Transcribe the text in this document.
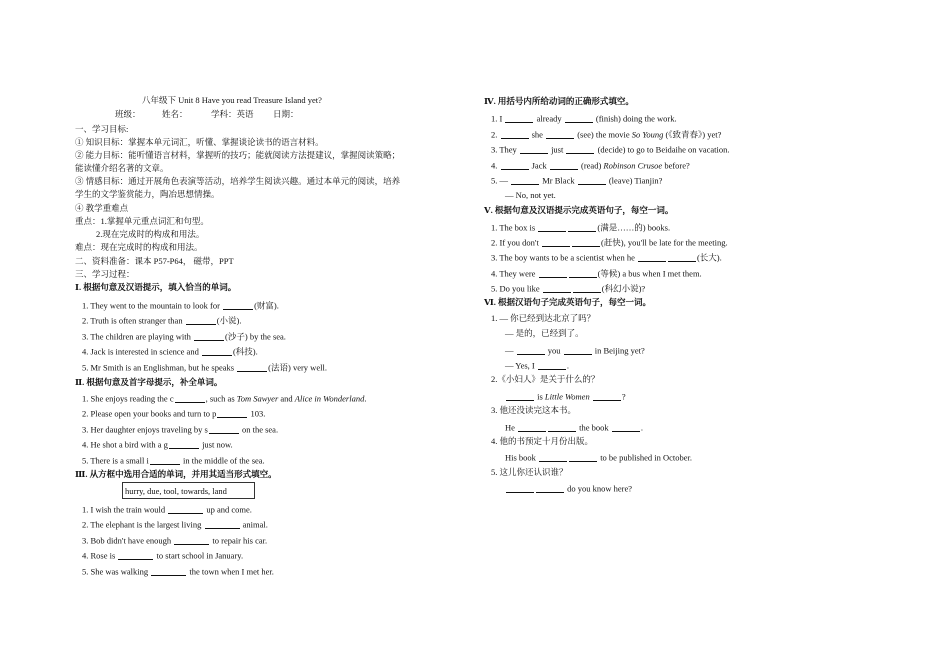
八年级下 Unit 8 Have you read Treasure Island yet?
班级：	姓名：	学科：英语 日期：
一、学习目标:
① 知识目标：掌握本单元词汇，听懂、掌握谈论读书的语言材料。
② 能力目标：能听懂语言材料，掌握听的技巧；能就阅读方法提建议，掌握阅读策略；
能读懂介绍名著的文章。
③ 情感目标：通过开展角色表演等活动，培养学生阅读兴趣。通过本单元的阅读，培养
学生的文学鉴赏能力，陶冶思想情操。
④ 教学重难点
重点：1.掌握单元重点词汇和句型。
2.现在完成时的构成和用法。
难点：现在完成时的构成和用法。
二、资料准备：课本 P57-P64， 磁带，PPT
三、学习过程：
Ⅰ. 根据句意及汉语提示，填入恰当的单词。
1. They went to the mountain to look for	(财富).
2. Truth is often stranger than	(小说).
3. The children are playing with	(沙子) by the sea.
4. Jack is interested in science and	(科技).
5. Mr Smith is an Englishman, but he speaks	(法语) very well.
Ⅱ. 根据句意及首字母提示，补全单词。
1. She enjoys reading the c	, such as Tom Sawyer and Alice in Wonderland.
2. Please open your books and turn to p	103.
3. Her daughter enjoys traveling by s	on the sea.
4. He shot a bird with a g	just now.
5. There is a small i	in the middle of the sea.
Ⅲ. 从方框中选用合适的单词，并用其适当形式填空。
hurry, due, tool, towards, land
1. I wish the train would	up and come.
2. The elephant is the largest living	animal.
3. Bob didn't have enough	to repair his car.
4. Rose is	to start school in January.
5. She was walking	the town when I met her.
Ⅳ. 用括号内所给动词的正确形式填空。
1. I	already	(finish) doing the work.
2.	she	(see) the movie So Young (《致青春》) yet?
3. They	just	(decide) to go to Beidaihe on vacation.
4.	Jack	(read) Robinson Crusoe before?
5. —	Mr Black	(leave) Tianjin?
— No, not yet.
Ⅴ. 根据句意及汉语提示完成英语句子，每空一词。
1. The box is	(满是……的) books.
2. If you don't	(赶快), you'll be late for the meeting.
3. The boy wants to be a scientist when he	(长大).
4. They were	(等候) a bus when I met them.
5. Do you like	(科幻小说)?
Ⅵ. 根据汉语句子完成英语句子，每空一词。
1. — 你已经到达北京了吗？
— 是的，已经到了。
—	you	in Beijing yet?
— Yes, I	.
2.《小妇人》是关于什么的？
is Little Women	?
3. 他还没读完这本书。
He	the book	.
4. 他的书预定十月份出版。
His book	to be published in October.
5. 这儿你还认识谁？
do you know here?
